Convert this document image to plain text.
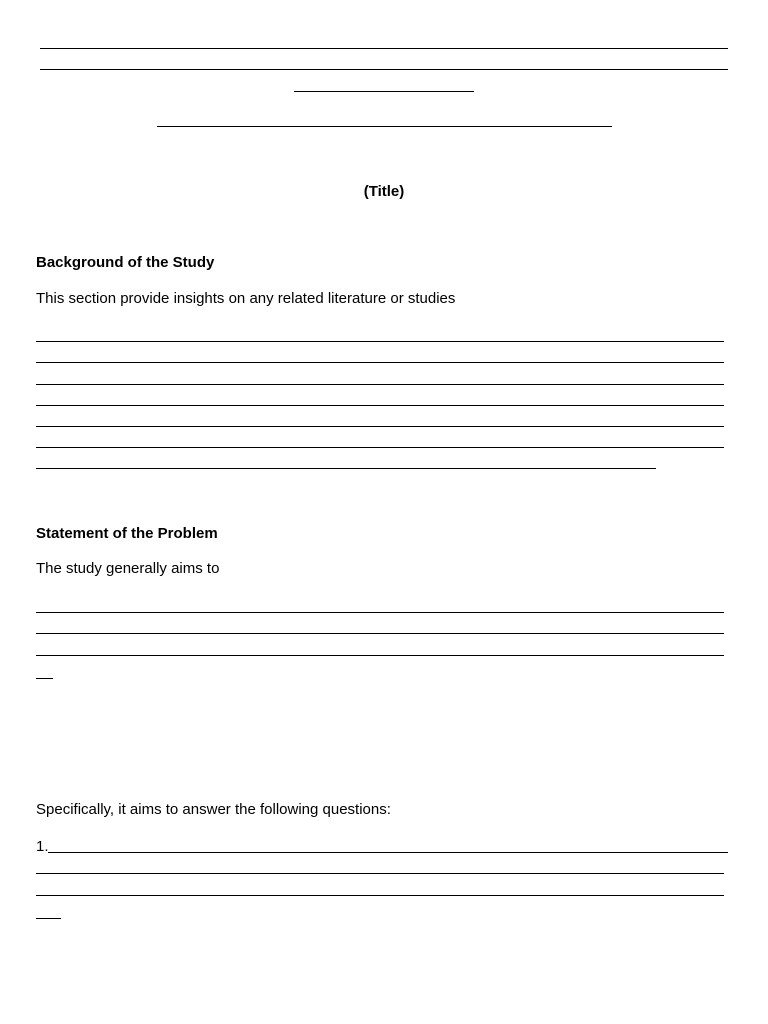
(Title)
Background of the Study
This section provide insights on any related literature or studies
Statement of the Problem
The study generally aims to
Specifically, it aims to answer the following questions:
1.
